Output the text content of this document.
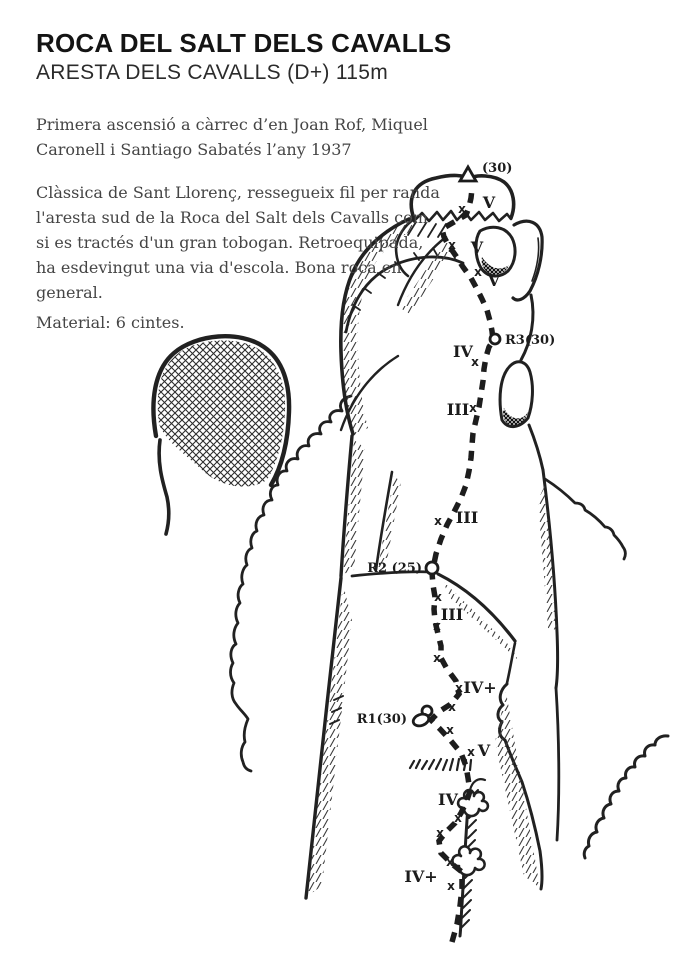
ROCA DEL SALT DELS CAVALLS
ARESTA DELS CAVALLS (D+) 115m
Primera ascensió a càrrec d’en Joan Rof, Miquel
Caronell i Santiago Sabatés l’any 1937
Clàssica de Sant Llorenç, ressegueix fil per randa
l'aresta sud de la Roca del Salt dels Cavalls com
si es tractés d'un gran tobogan. Retroequipada,
ha esdevingut una via d'escola. Bona roca en
general.
Material: 6 cintes.
x
x
x
x
x
x
x
x
x
x
x
x
x
x
x
x
x
V
V
V
IV
III
III
III
IV+
V
IV
IV+
R3(30)
R2 (25)
R1(30)
(30)
